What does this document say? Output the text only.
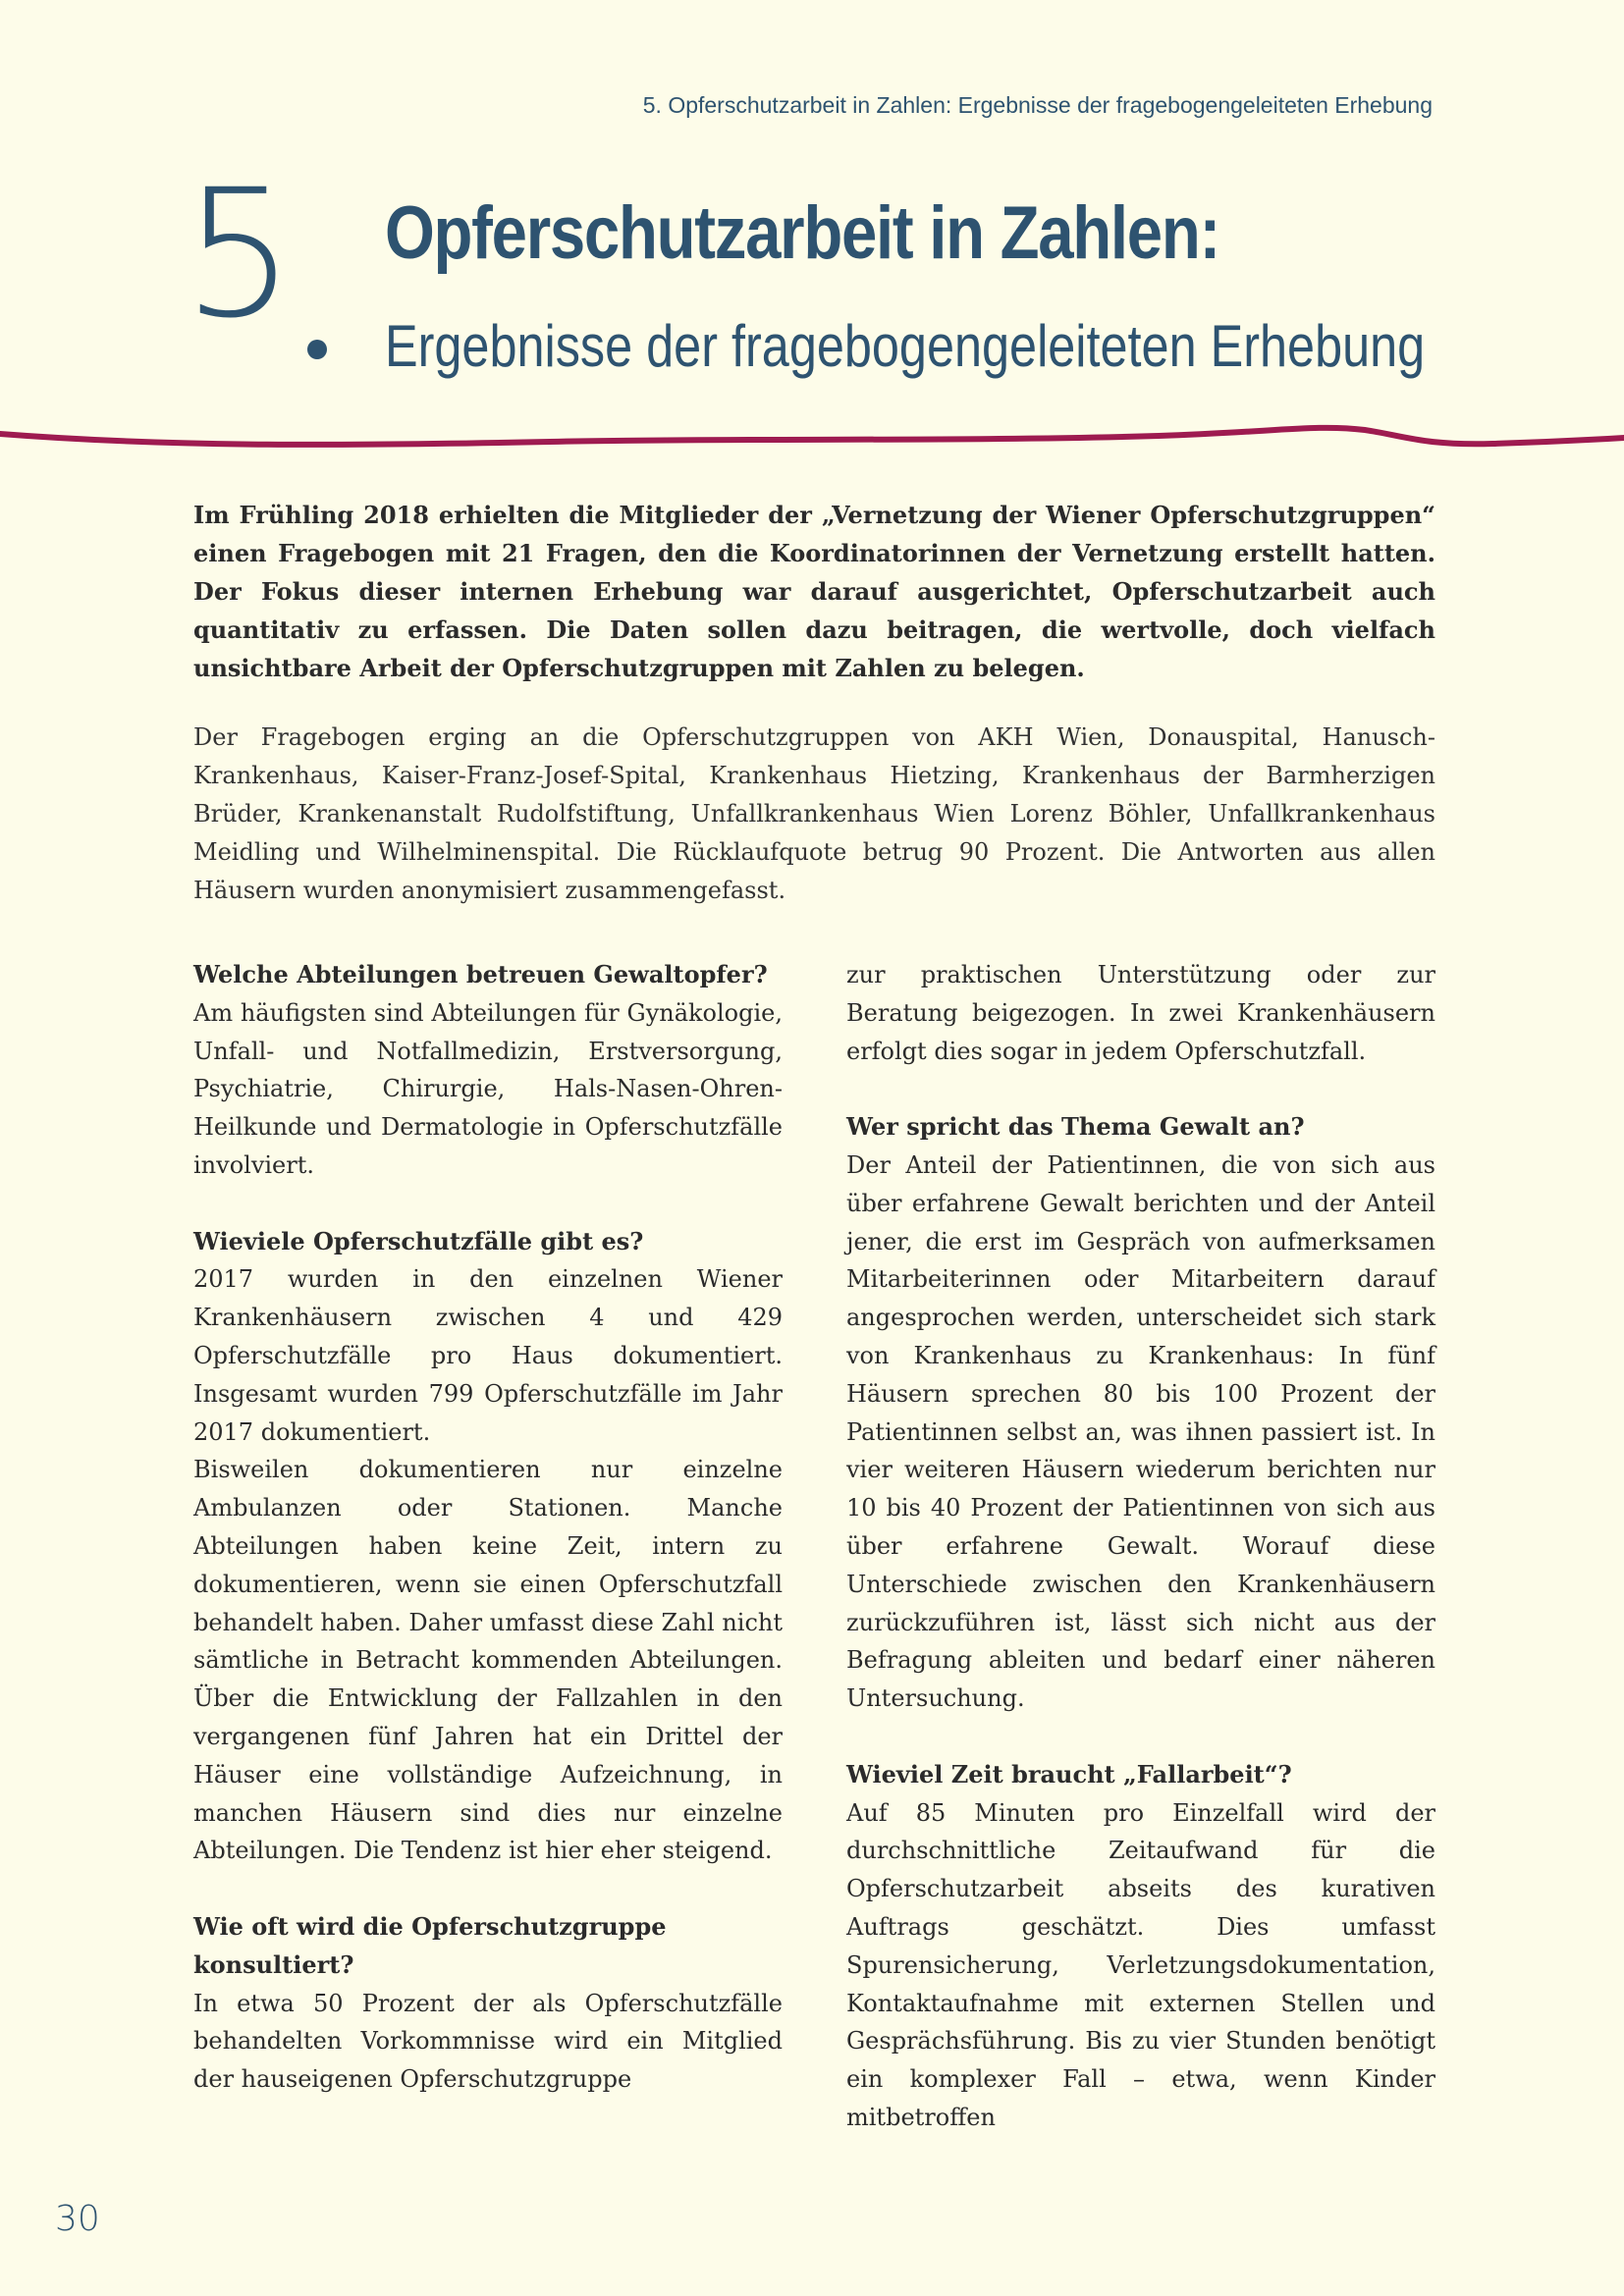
5. Opferschutzarbeit in Zahlen: Ergebnisse der fragebogengeleiteten Erhebung
5 Opferschutzarbeit in Zahlen:
Ergebnisse der fragebogengeleiteten Erhebung

Im Frühling 2018 erhielten die Mitglieder der „Vernetzung der Wiener Opferschutzgruppen“ einen Fragebogen mit 21 Fragen, den die Koordinatorinnen der Vernetzung erstellt hatten. Der Fokus dieser internen Erhebung war darauf ausgerichtet, Opferschutzarbeit auch quantitativ zu erfassen. Die Daten sollen dazu beitragen, die wertvolle, doch vielfach unsichtbare Arbeit der Opferschutzgruppen mit Zahlen zu belegen.

Der Fragebogen erging an die Opferschutzgruppen von AKH Wien, Donauspital, Hanusch-Krankenhaus, Kaiser-Franz-Josef-Spital, Krankenhaus Hietzing, Krankenhaus der Barmherzigen Brüder, Krankenanstalt Rudolfstiftung, Unfallkrankenhaus Wien Lorenz Böhler, Unfallkrankenhaus Meidling und Wilhelminenspital. Die Rücklaufquote betrug 90 Prozent. Die Antworten aus allen Häusern wurden anonymisiert zusammengefasst.

Welche Abteilungen betreuen Gewaltopfer?

Am häufigsten sind Abteilungen für Gynäkologie, Unfall- und Notfallmedizin, Erstversorgung, Psychiatrie, Chirurgie, Hals-Nasen-Ohren-Heilkunde und Dermatologie in Opferschutzfälle involviert.

Wieviele Opferschutzfälle gibt es?

2017 wurden in den einzelnen Wiener Krankenhäusern zwischen 4 und 429 Opferschutzfälle pro Haus dokumentiert. Insgesamt wurden 799 Opferschutzfälle im Jahr 2017 dokumentiert.

Bisweilen dokumentieren nur einzelne Ambulanzen oder Stationen. Manche Abteilungen haben keine Zeit, intern zu dokumentieren, wenn sie einen Opferschutzfall behandelt haben. Daher umfasst diese Zahl nicht sämtliche in Betracht kommenden Abteilungen. Über die Entwicklung der Fallzahlen in den vergangenen fünf Jahren hat ein Drittel der Häuser eine vollständige Aufzeichnung, in manchen Häusern sind dies nur einzelne Abteilungen. Die Tendenz ist hier eher steigend.

Wie oft wird die Opferschutzgruppe konsultiert?

In etwa 50 Prozent der als Opferschutzfälle behandelten Vorkommnisse wird ein Mitglied der hauseigenen Opferschutzgruppe

zur praktischen Unterstützung oder zur Beratung beigezogen. In zwei Krankenhäusern erfolgt dies sogar in jedem Opferschutzfall.

Wer spricht das Thema Gewalt an?

Der Anteil der Patientinnen, die von sich aus über erfahrene Gewalt berichten und der Anteil jener, die erst im Gespräch von aufmerksamen Mitarbeiterinnen oder Mitarbeitern darauf angesprochen werden, unterscheidet sich stark von Krankenhaus zu Krankenhaus: In fünf Häusern sprechen 80 bis 100 Prozent der Patientinnen selbst an, was ihnen passiert ist. In vier weiteren Häusern wiederum berichten nur 10 bis 40 Prozent der Patientinnen von sich aus über erfahrene Gewalt. Worauf diese Unterschiede zwischen den Krankenhäusern zurückzuführen ist, lässt sich nicht aus der Befragung ableiten und bedarf einer näheren Untersuchung.

Wieviel Zeit braucht „Fallarbeit“?

Auf 85 Minuten pro Einzelfall wird der durchschnittliche Zeitaufwand für die Opferschutzarbeit abseits des kurativen Auftrags geschätzt. Dies umfasst Spurensicherung, Verletzungsdokumentation, Kontaktaufnahme mit externen Stellen und Gesprächsführung. Bis zu vier Stunden benötigt ein komplexer Fall – etwa, wenn Kinder mitbetroffen

30
